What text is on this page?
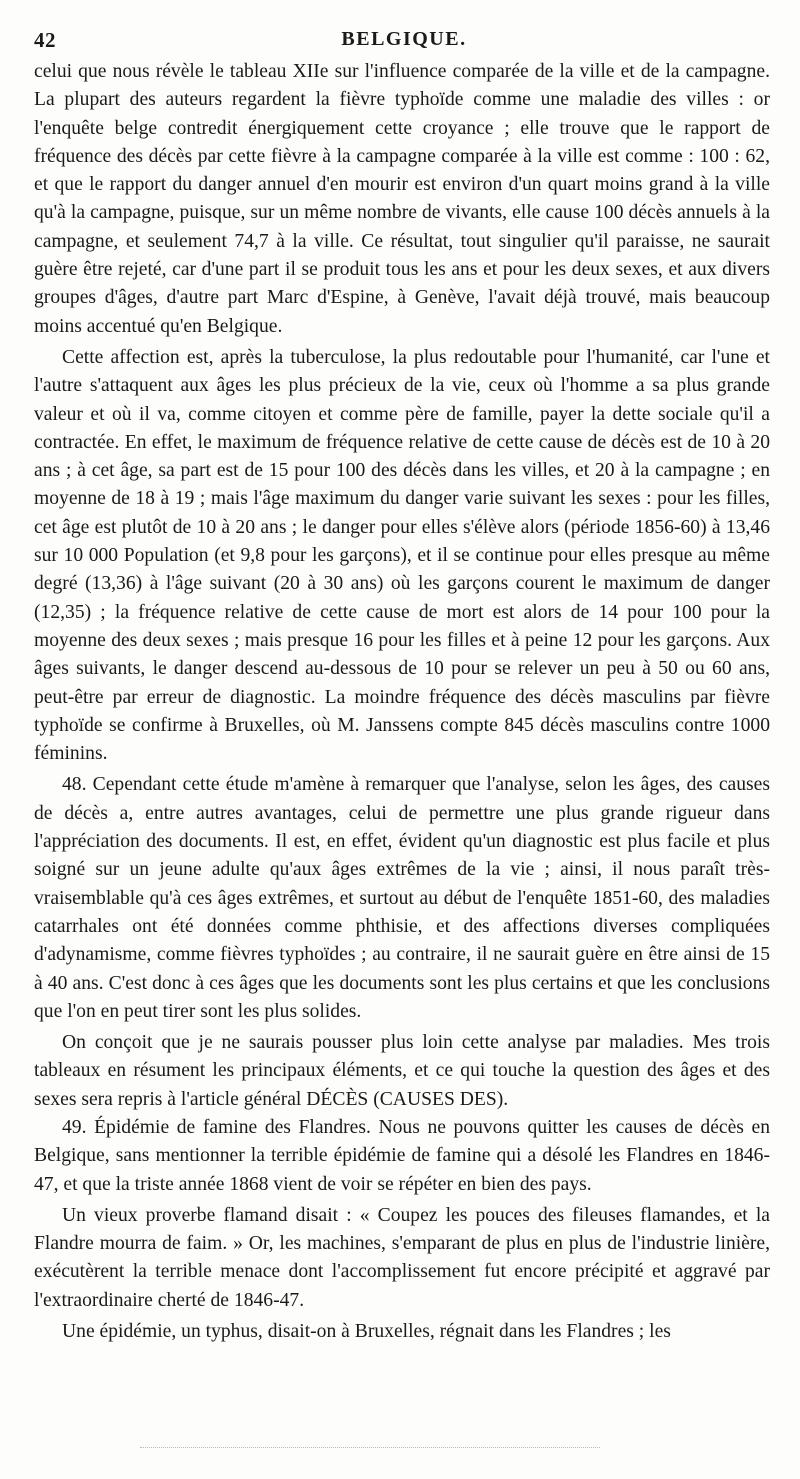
42	BELGIQUE.

celui que nous révèle le tableau XIIe sur l'influence comparée de la ville et de la campagne. La plupart des auteurs regardent la fièvre typhoïde comme une maladie des villes : or l'enquête belge contredit énergiquement cette croyance ; elle trouve que le rapport de fréquence des décès par cette fièvre à la campagne comparée à la ville est comme : 100 : 62, et que le rapport du danger annuel d'en mourir est environ d'un quart moins grand à la ville qu'à la campagne, puisque, sur un même nombre de vivants, elle cause 100 décès annuels à la campagne, et seulement 74,7 à la ville. Ce résultat, tout singulier qu'il paraisse, ne saurait guère être rejeté, car d'une part il se produit tous les ans et pour les deux sexes, et aux divers groupes d'âges, d'autre part Marc d'Espine, à Genève, l'avait déjà trouvé, mais beaucoup moins accentué qu'en Belgique.

Cette affection est, après la tuberculose, la plus redoutable pour l'humanité, car l'une et l'autre s'attaquent aux âges les plus précieux de la vie, ceux où l'homme a sa plus grande valeur et où il va, comme citoyen et comme père de famille, payer la dette sociale qu'il a contractée. En effet, le maximum de fréquence relative de cette cause de décès est de 10 à 20 ans ; à cet âge, sa part est de 15 pour 100 des décès dans les villes, et 20 à la campagne ; en moyenne de 18 à 19 ; mais l'âge maximum du danger varie suivant les sexes : pour les filles, cet âge est plutôt de 10 à 20 ans ; le danger pour elles s'élève alors (période 1856-60) à 13,46 sur 10 000 Population (et 9,8 pour les garçons), et il se continue pour elles presque au même degré (13,36) à l'âge suivant (20 à 30 ans) où les garçons courent le maximum de danger (12,35) ; la fréquence relative de cette cause de mort est alors de 14 pour 100 pour la moyenne des deux sexes ; mais presque 16 pour les filles et à peine 12 pour les garçons. Aux âges suivants, le danger descend au-dessous de 10 pour se relever un peu à 50 ou 60 ans, peut-être par erreur de diagnostic. La moindre fréquence des décès masculins par fièvre typhoïde se confirme à Bruxelles, où M. Janssens compte 845 décès masculins contre 1000 féminins.

48. Cependant cette étude m'amène à remarquer que l'analyse, selon les âges, des causes de décès a, entre autres avantages, celui de permettre une plus grande rigueur dans l'appréciation des documents. Il est, en effet, évident qu'un diagnostic est plus facile et plus soigné sur un jeune adulte qu'aux âges extrêmes de la vie ; ainsi, il nous paraît très-vraisemblable qu'à ces âges extrêmes, et surtout au début de l'enquête 1851-60, des maladies catarrhales ont été données comme phthisie, et des affections diverses compliquées d'adynamisme, comme fièvres typhoïdes ; au contraire, il ne saurait guère en être ainsi de 15 à 40 ans. C'est donc à ces âges que les documents sont les plus certains et que les conclusions que l'on en peut tirer sont les plus solides.

On conçoit que je ne saurais pousser plus loin cette analyse par maladies. Mes trois tableaux en résument les principaux éléments, et ce qui touche la question des âges et des sexes sera repris à l'article général DÉCÈS (CAUSES DES).

49. Épidémie de famine des Flandres. Nous ne pouvons quitter les causes de décès en Belgique, sans mentionner la terrible épidémie de famine qui a désolé les Flandres en 1846-47, et que la triste année 1868 vient de voir se répéter en bien des pays.

Un vieux proverbe flamand disait : « Coupez les pouces des fileuses flamandes, et la Flandre mourra de faim. » Or, les machines, s'emparant de plus en plus de l'industrie linière, exécutèrent la terrible menace dont l'accomplissement fut encore précipité et aggravé par l'extraordinaire cherté de 1846-47.

Une épidémie, un typhus, disait-on à Bruxelles, régnait dans les Flandres ; les
